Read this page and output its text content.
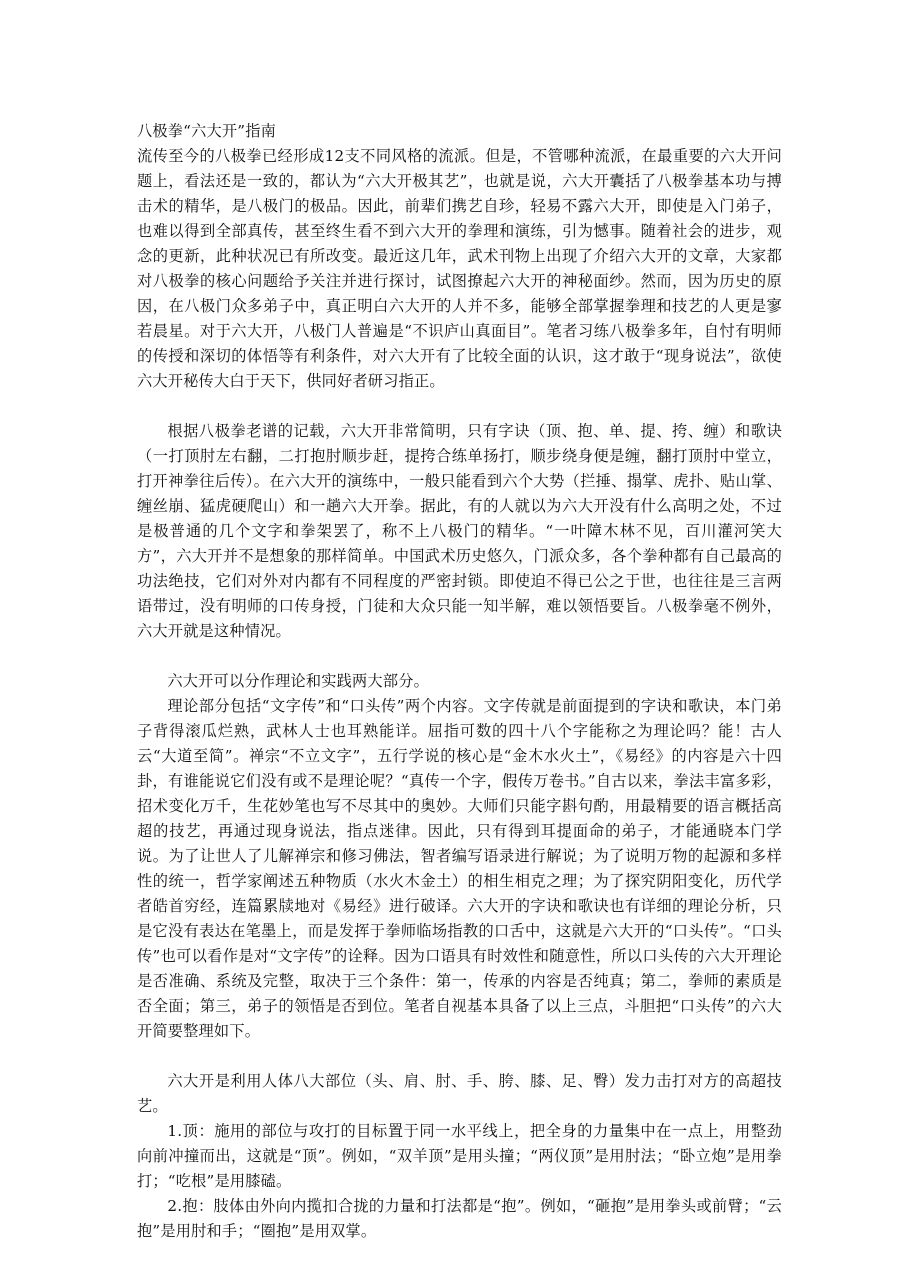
八极拳“六大开”指南

流传至今的八极拳已经形成12支不同风格的流派。但是，不管哪种流派，在最重要的六大开问题上，看法还是一致的，都认为“六大开极其艺”，也就是说，六大开囊括了八极拳基本功与搏击术的精华，是八极门的极品。因此，前辈们携艺自珍，轻易不露六大开，即使是入门弟子，也难以得到全部真传，甚至终生看不到六大开的拳理和演练，引为憾事。随着社会的进步，观念的更新，此种状况已有所改变。最近这几年，武术刊物上出现了介绍六大开的文章，大家都对八极拳的核心问题给予关注并进行探讨，试图撩起六大开的神秘面纱。然而，因为历史的原因，在八极门众多弟子中，真正明白六大开的人并不多，能够全部掌握拳理和技艺的人更是寥若晨星。对于六大开，八极门人普遍是“不识庐山真面目”。笔者习练八极拳多年，自忖有明师的传授和深切的体悟等有利条件，对六大开有了比较全面的认识，这才敢于“现身说法”，欲使六大开秘传大白于天下，供同好者研习指正。

根据八极拳老谱的记载，六大开非常简明，只有字诀（顶、抱、单、提、挎、缠）和歌诀（一打顶肘左右翻，二打抱肘顺步赶，提挎合练单扬打，顺步绕身便是缠，翻打顶肘中堂立，打开神拳往后传）。在六大开的演练中，一般只能看到六个大势（拦捶、搨掌、虎扑、贴山掌、缠丝崩、猛虎硬爬山）和一趟六大开拳。据此，有的人就以为六大开没有什么高明之处，不过是极普通的几个文字和拳架罢了，称不上八极门的精华。“一叶障木林不见，百川灌河笑大方”，六大开并不是想象的那样简单。中国武术历史悠久，门派众多，各个拳种都有自己最高的功法绝技，它们对外对内都有不同程度的严密封锁。即使迫不得已公之于世，也往往是三言两语带过，没有明师的口传身授，门徒和大众只能一知半解，难以领悟要旨。八极拳毫不例外，六大开就是这种情况。

六大开可以分作理论和实践两大部分。

理论部分包括“文字传”和“口头传”两个内容。文字传就是前面提到的字诀和歌诀，本门弟子背得滚瓜烂熟，武林人士也耳熟能详。屈指可数的四十八个字能称之为理论吗？能！古人云“大道至简”。禅宗“不立文字”，五行学说的核心是“金木水火土”，《易经》的内容是六十四卦，有谁能说它们没有或不是理论呢？“真传一个字，假传万卷书。”自古以来，拳法丰富多彩，招术变化万千，生花妙笔也写不尽其中的奥妙。大师们只能字斟句酌，用最精要的语言概括高超的技艺，再通过现身说法，指点迷律。因此，只有得到耳提面命的弟子，才能通晓本门学说。为了让世人了儿解禅宗和修习佛法，智者编写语录进行解说；为了说明万物的起源和多样性的统一，哲学家阐述五种物质（水火木金土）的相生相克之理；为了探究阴阳变化，历代学者皓首穷经，连篇累牍地对《易经》进行破译。六大开的字诀和歌诀也有详细的理论分析，只是它没有表达在笔墨上，而是发挥于拳师临场指教的口舌中，这就是六大开的“口头传”。“口头传”也可以看作是对“文字传”的诠释。因为口语具有时效性和随意性，所以口头传的六大开理论是否准确、系统及完整，取决于三个条件：第一，传承的内容是否纯真；第二，拳师的素质是否全面；第三，弟子的领悟是否到位。笔者自视基本具备了以上三点，斗胆把“口头传”的六大开简要整理如下。

六大开是利用人体八大部位（头、肩、肘、手、胯、膝、足、臀）发力击打对方的高超技艺。

1.顶：施用的部位与攻打的目标置于同一水平线上，把全身的力量集中在一点上，用整劲向前冲撞而出，这就是“顶”。例如，“双羊顶”是用头撞；“两仪顶”是用肘法；“卧立炮”是用拳打；“吃根”是用膝磕。

2.抱：肢体由外向内揽扣合拢的力量和打法都是“抱”。例如，“砸抱”是用拳头或前臂；“云抱”是用肘和手；“圈抱”是用双掌。
